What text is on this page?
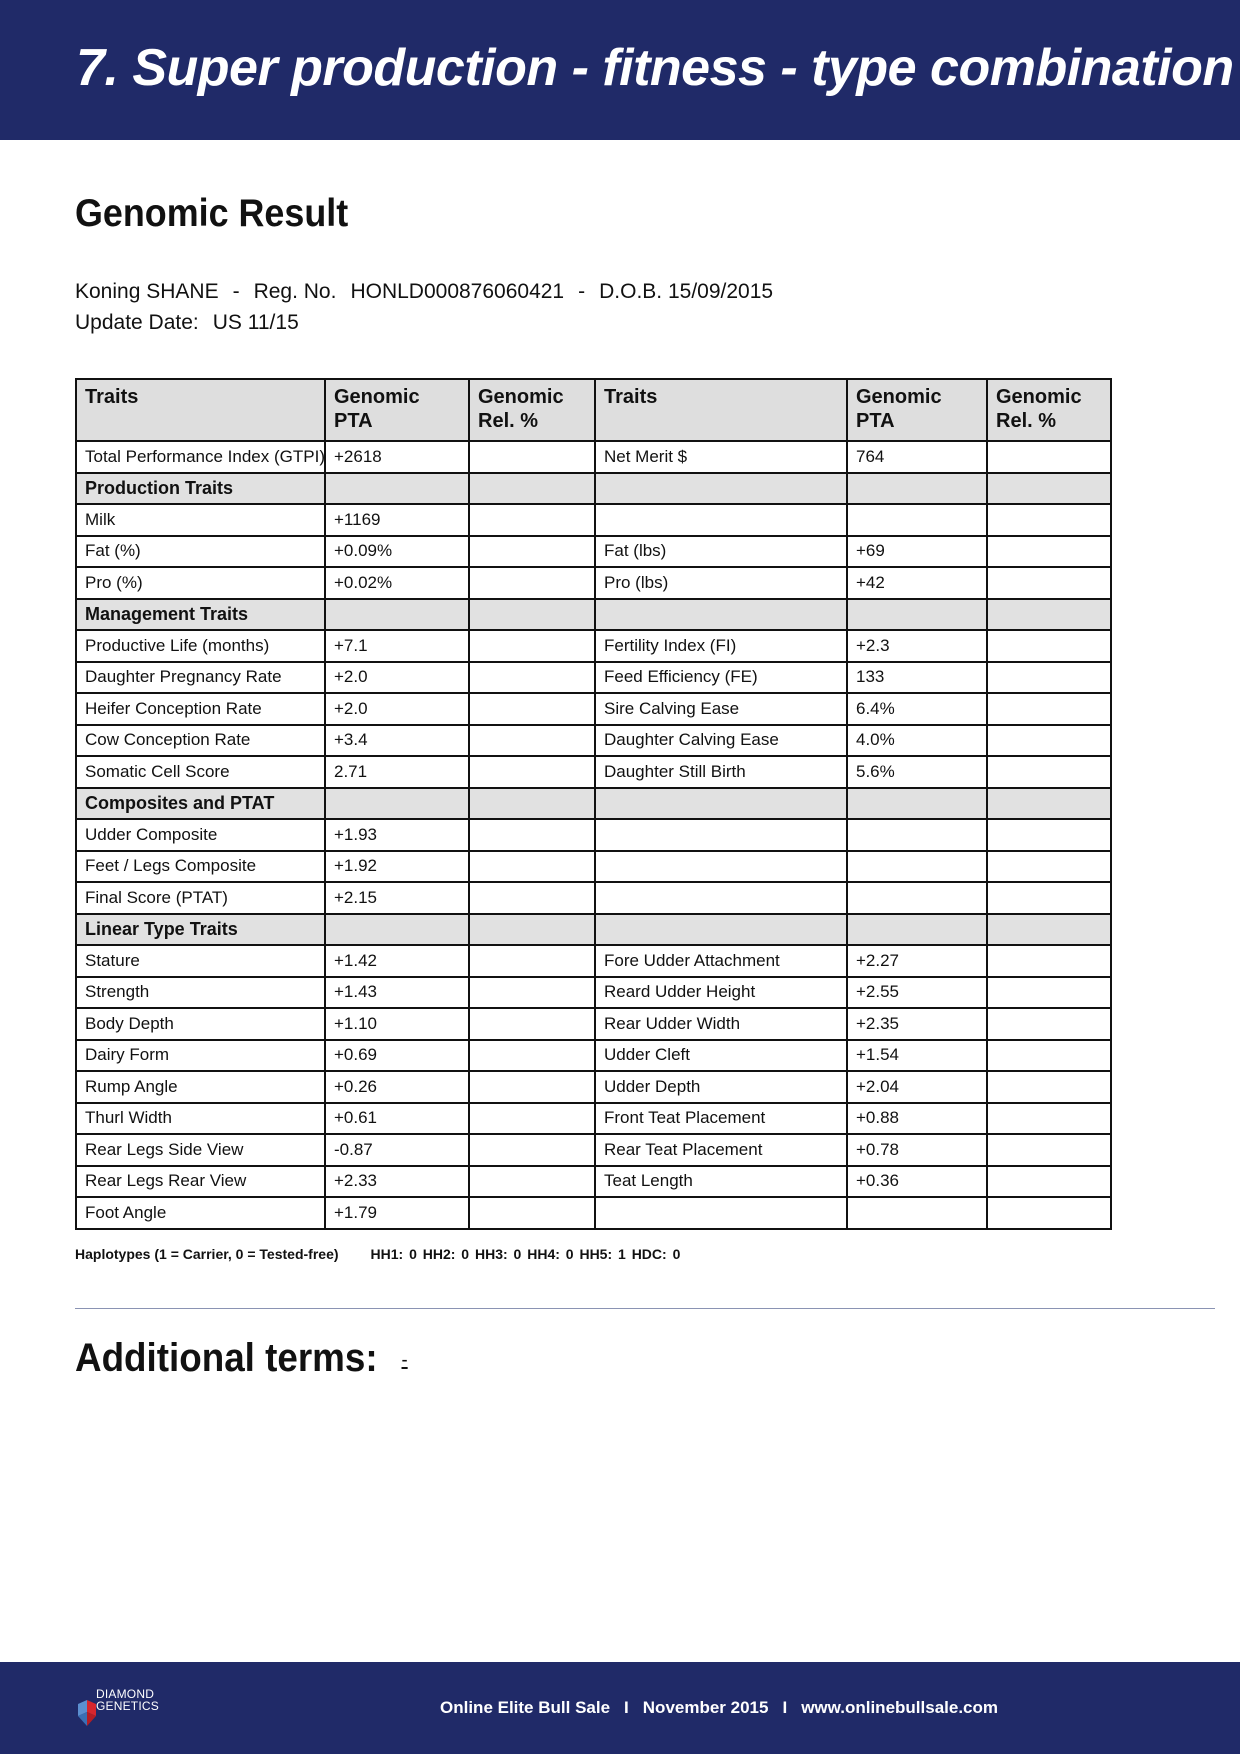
7. Super production - fitness - type combination
Genomic Result
Koning SHANE - Reg. No. HONLD000876060421 - D.O.B. 15/09/2015
Update Date: US 11/15
Traits	Genomic PTA	Genomic Rel. %	Traits	Genomic PTA	Genomic Rel. %
Total Performance Index (GTPI)	+2618		Net Merit $	764	
Production Traits					
Milk	+1169				
Fat (%)	+0.09%		Fat (lbs)	+69	
Pro (%)	+0.02%		Pro (lbs)	+42	
Management Traits					
Productive Life (months)	+7.1		Fertility Index (FI)	+2.3	
Daughter Pregnancy Rate	+2.0		Feed Efficiency (FE)	133	
Heifer Conception Rate	+2.0		Sire Calving Ease	6.4%	
Cow Conception Rate	+3.4		Daughter Calving Ease	4.0%	
Somatic Cell Score	2.71		Daughter Still Birth	5.6%	
Composites and PTAT					
Udder Composite	+1.93				
Feet / Legs Composite	+1.92				
Final Score (PTAT)	+2.15				
Linear Type Traits					
Stature	+1.42		Fore Udder Attachment	+2.27	
Strength	+1.43		Reard Udder Height	+2.55	
Body Depth	+1.10		Rear Udder Width	+2.35	
Dairy Form	+0.69		Udder Cleft	+1.54	
Rump Angle	+0.26		Udder Depth	+2.04	
Thurl Width	+0.61		Front Teat Placement	+0.88	
Rear Legs Side View	-0.87		Rear Teat Placement	+0.78	
Rear Legs Rear View	+2.33		Teat Length	+0.36	
Foot Angle	+1.79				
Haplotypes (1 = Carrier, 0 = Tested-free) HH1: 0 HH2: 0 HH3: 0 HH4: 0 HH5: 1 HDC: 0
Additional terms: -
DIAMOND
GENETICS	Online Elite Bull Sale I November 2015 I www.onlinebullsale.com
